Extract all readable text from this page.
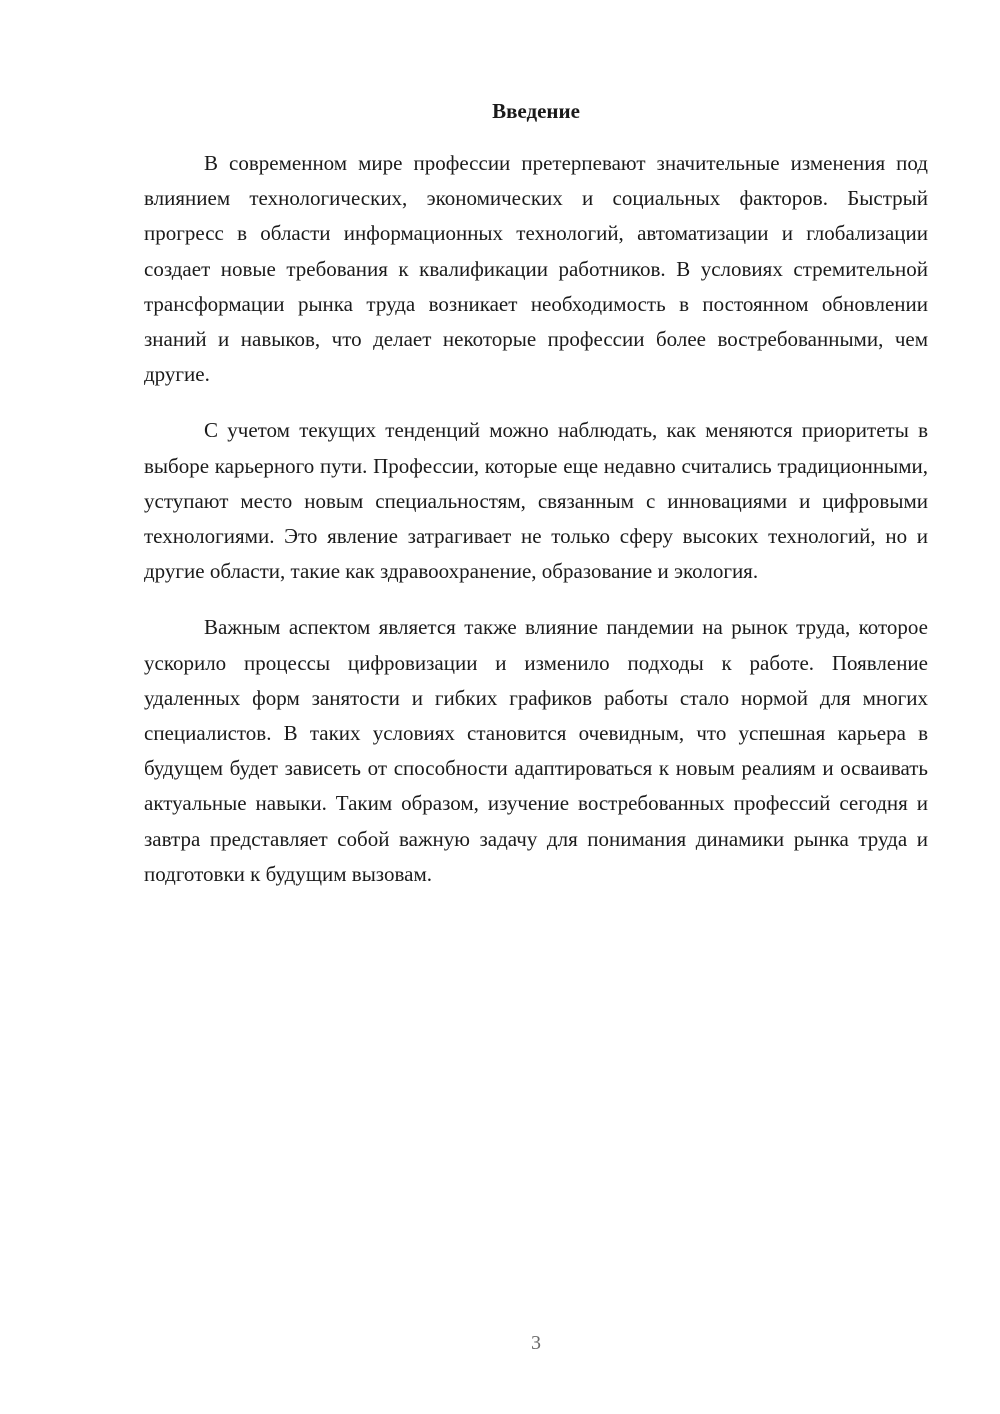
Введение

В современном мире профессии претерпевают значительные изменения под влиянием технологических, экономических и социальных факторов. Быстрый прогресс в области информационных технологий, автоматизации и глобализации создает новые требования к квалификации работников. В условиях стремительной трансформации рынка труда возникает необходимость в постоянном обновлении знаний и навыков, что делает некоторые профессии более востребованными, чем другие.

С учетом текущих тенденций можно наблюдать, как меняются приоритеты в выборе карьерного пути. Профессии, которые еще недавно считались традиционными, уступают место новым специальностям, связанным с инновациями и цифровыми технологиями. Это явление затрагивает не только сферу высоких технологий, но и другие области, такие как здравоохранение, образование и экология.

Важным аспектом является также влияние пандемии на рынок труда, которое ускорило процессы цифровизации и изменило подходы к работе. Появление удаленных форм занятости и гибких графиков работы стало нормой для многих специалистов. В таких условиях становится очевидным, что успешная карьера в будущем будет зависеть от способности адаптироваться к новым реалиям и осваивать актуальные навыки. Таким образом, изучение востребованных профессий сегодня и завтра представляет собой важную задачу для понимания динамики рынка труда и подготовки к будущим вызовам.

3
